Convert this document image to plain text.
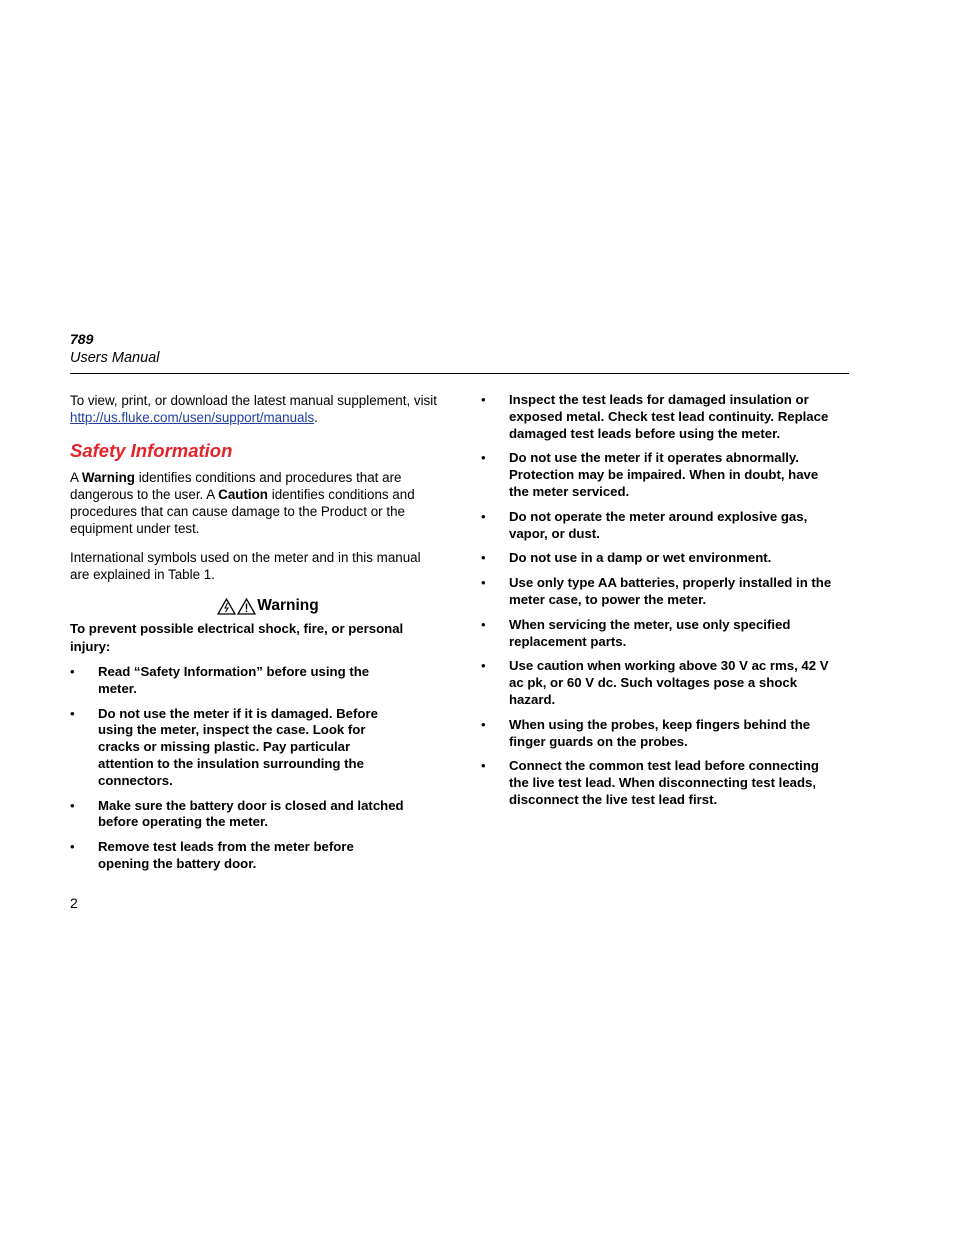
789

Users Manual

To view, print, or download the latest manual supplement, visit http://us.fluke.com/usen/support/manuals.

Safety Information

A Warning identifies conditions and procedures that are dangerous to the user. A Caution identifies conditions and procedures that can cause damage to the Product or the equipment under test.

International symbols used on the meter and in this manual are explained in Table 1.

Warning

To prevent possible electrical shock, fire, or personal injury:

• Read “Safety Information” before using the meter.
• Do not use the meter if it is damaged. Before using the meter, inspect the case. Look for cracks or missing plastic. Pay particular attention to the insulation surrounding the connectors.
• Make sure the battery door is closed and latched before operating the meter.
• Remove test leads from the meter before opening the battery door.
• Inspect the test leads for damaged insulation or exposed metal. Check test lead continuity. Replace damaged test leads before using the meter.
• Do not use the meter if it operates abnormally. Protection may be impaired. When in doubt, have the meter serviced.
• Do not operate the meter around explosive gas, vapor, or dust.
• Do not use in a damp or wet environment.
• Use only type AA batteries, properly installed in the meter case, to power the meter.
• When servicing the meter, use only specified replacement parts.
• Use caution when working above 30 V ac rms, 42 V ac pk, or 60 V dc. Such voltages pose a shock hazard.
• When using the probes, keep fingers behind the finger guards on the probes.
• Connect the common test lead before connecting the live test lead. When disconnecting test leads, disconnect the live test lead first.
2
